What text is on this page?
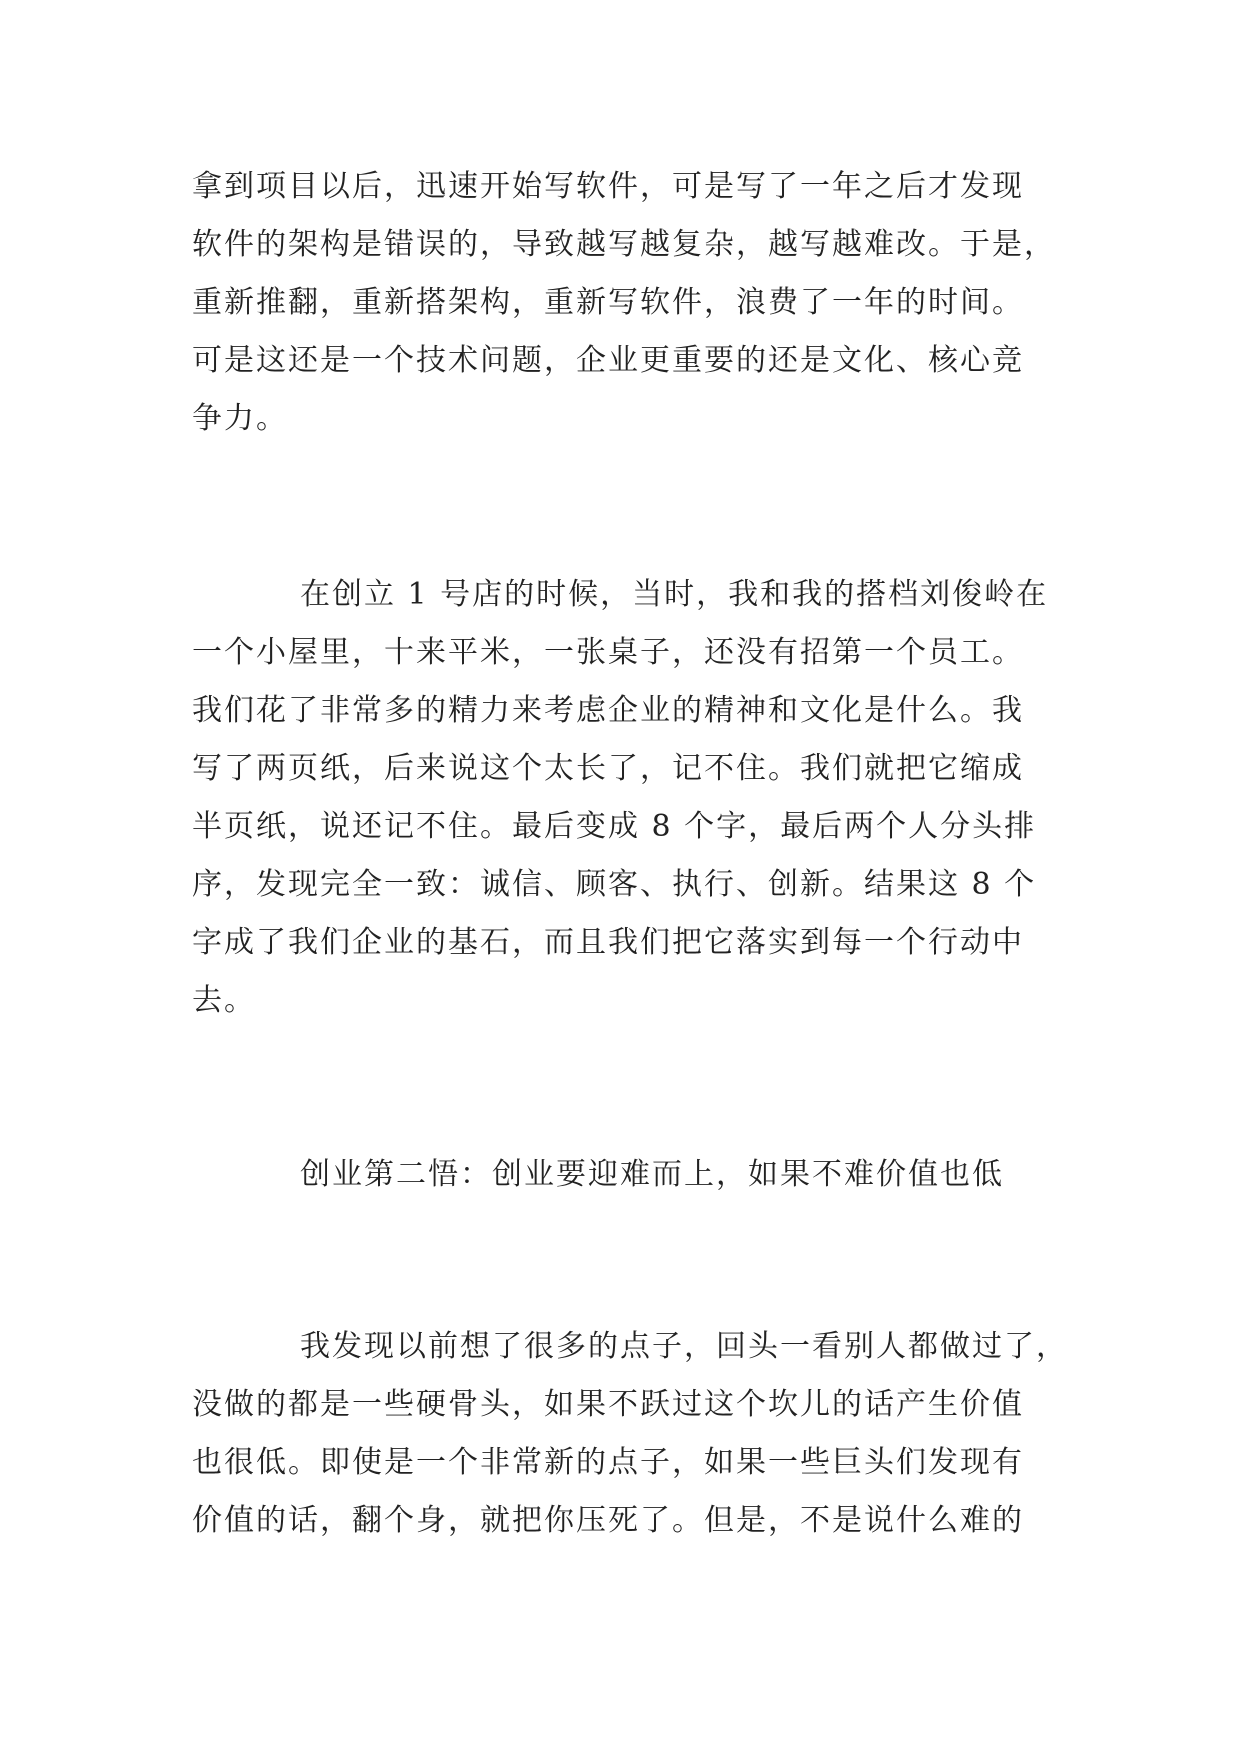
拿到项目以后，迅速开始写软件，可是写了一年之后才发现
软件的架构是错误的，导致越写越复杂，越写越难改。于是，
重新推翻，重新搭架构，重新写软件，浪费了一年的时间。
可是这还是一个技术问题，企业更重要的还是文化、核心竞
争力。
在创立 1 号店的时候，当时，我和我的搭档刘俊岭在
一个小屋里，十来平米，一张桌子，还没有招第一个员工。
我们花了非常多的精力来考虑企业的精神和文化是什么。我
写了两页纸，后来说这个太长了，记不住。我们就把它缩成
半页纸，说还记不住。最后变成 8 个字，最后两个人分头排
序，发现完全一致：诚信、顾客、执行、创新。结果这 8 个
字成了我们企业的基石，而且我们把它落实到每一个行动中
去。
创业第二悟：创业要迎难而上，如果不难价值也低
我发现以前想了很多的点子，回头一看别人都做过了，
没做的都是一些硬骨头，如果不跃过这个坎儿的话产生价值
也很低。即使是一个非常新的点子，如果一些巨头们发现有
价值的话，翻个身，就把你压死了。但是，不是说什么难的
